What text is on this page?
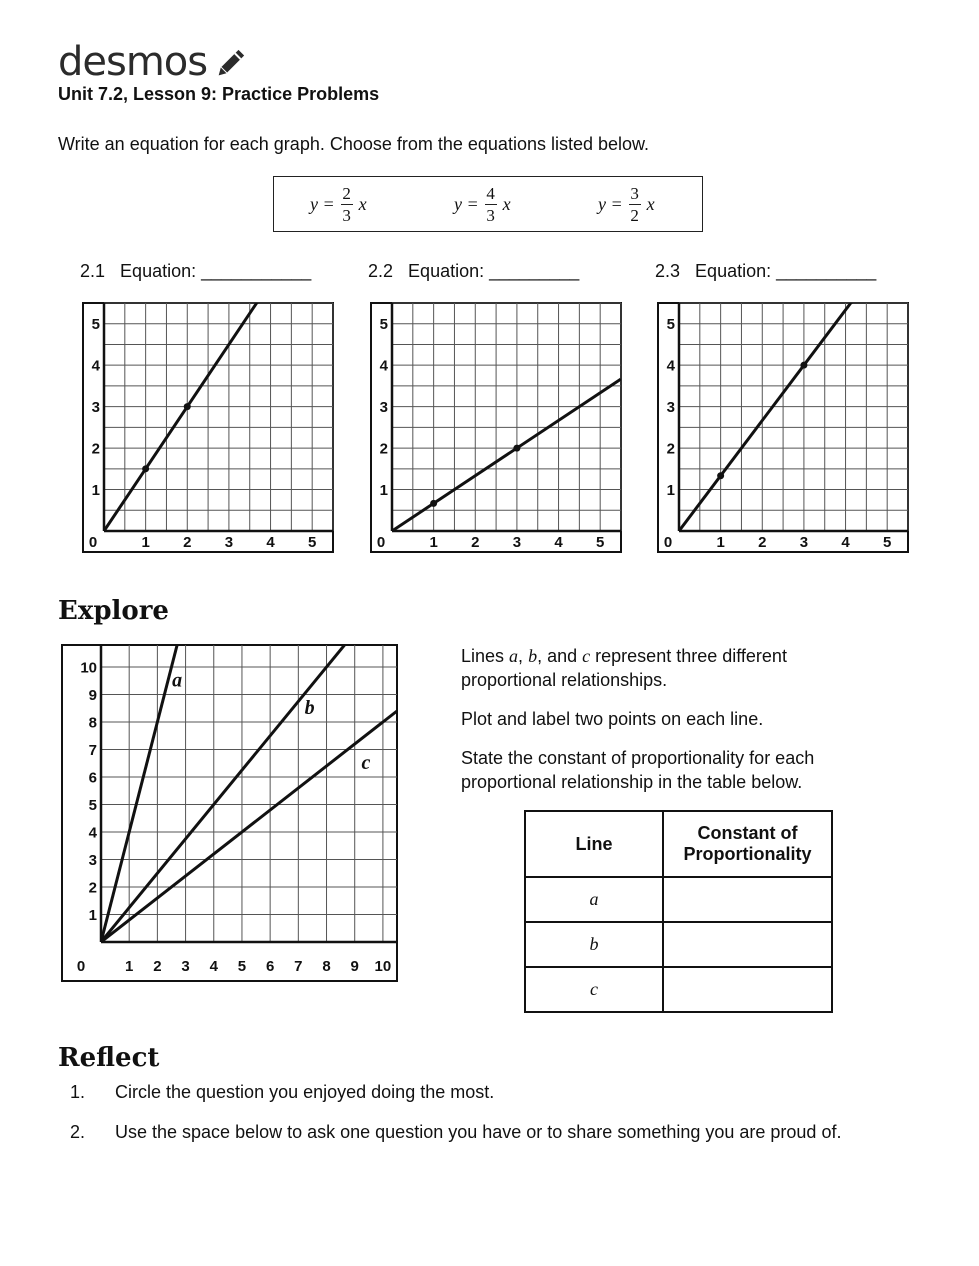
desmos
Unit 7.2, Lesson 9: Practice Problems
Write an equation for each graph. Choose from the equations listed below.
$y = \frac{2}{3}$ x	$y = \frac{4}{3}$ x	$y = \frac{3}{2}$ x
2.1 Equation: ___________	2.2 Equation: _________	2.3 Equation: __________
0	1 2 3 4 5
1
2
3
4
5
0	1 2 3 4 5
1
2
3
4
5
0	1 2 3 4 5
1
2
3
4
5
Explore
0	1 2 3 4 5 6 7 8 9 10
1
2
3
4
5
6
7
8
9
10
a
b
c
Lines a, b, and c represent three different proportional relationships.
Plot and label two points on each line.
State the constant of proportionality for each proportional relationship in the table below.
Line	Constant of Proportionality
a	
b	
c	
Reflect
1. Circle the question you enjoyed doing the most.
2. Use the space below to ask one question you have or to share something you are proud of.
